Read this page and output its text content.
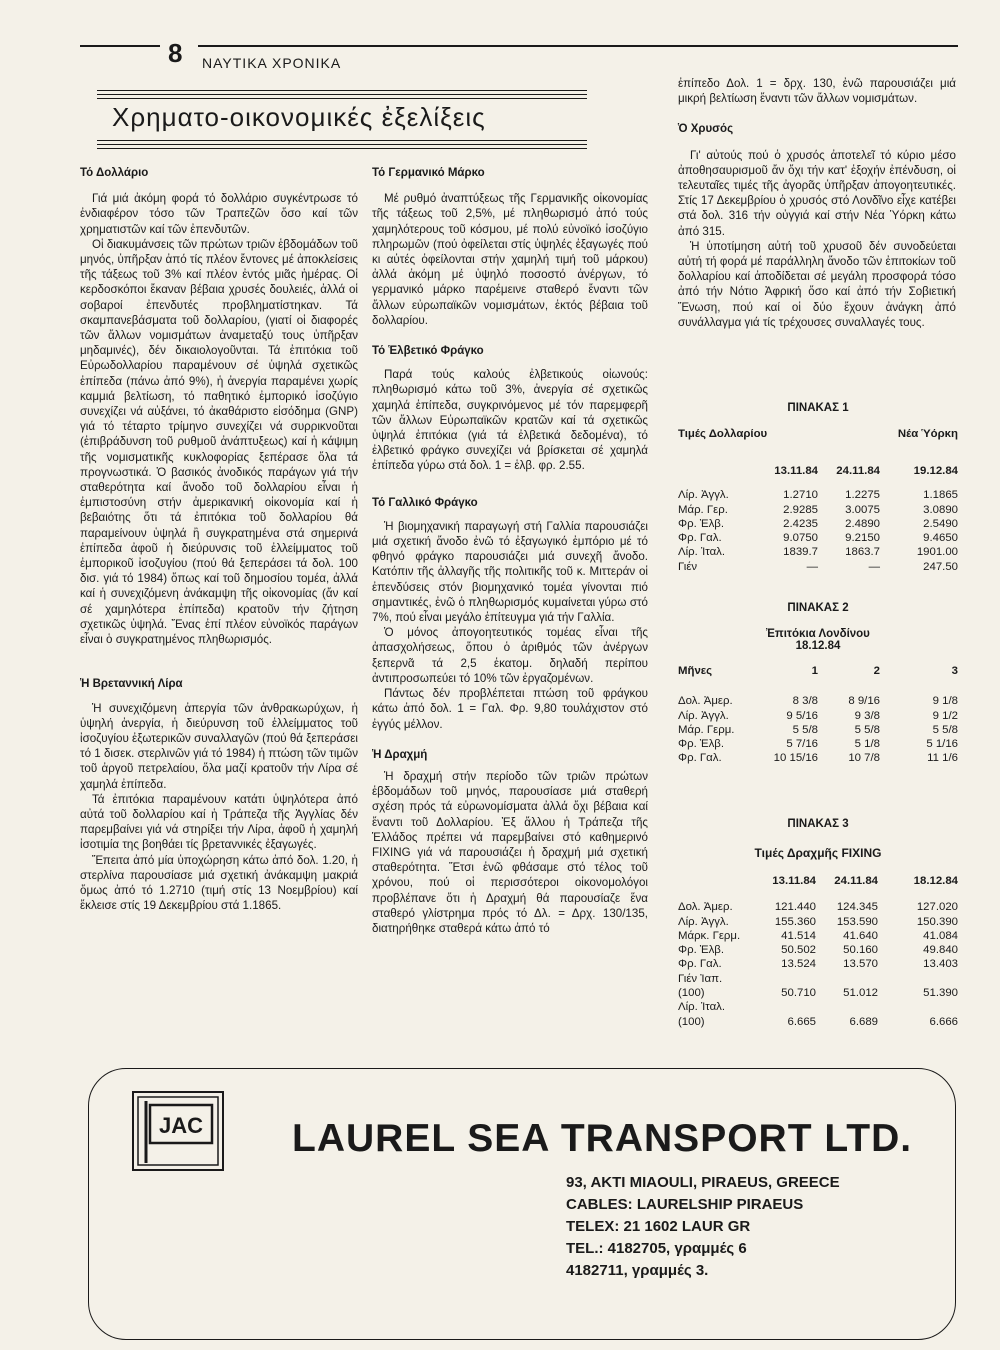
8 ΝΑΥΤΙΚΑ ΧΡΟΝΙΚΑ
Χρηματο-οικονομικές ἐξελίξεις
Τό Δολλάριο

Γιά μιά ἀκόμη φορά τό δολλάριο συγκέντρωσε τό ἐνδιαφέρον τόσο τῶν Τραπεζῶν ὅσο καί τῶν χρηματιστῶν καί τῶν ἐπενδυτῶν.

Οἱ διακυμάνσεις τῶν πρώτων τριῶν ἑβδομάδων τοῦ μηνός, ὑπῆρξαν ἀπό τίς πλέον ἔντονες μέ ἀποκλείσεις τῆς τάξεως τοῦ 3% καί πλέον ἐντός μιᾶς ἡμέρας. Οἱ κερδοσκόποι ἔκαναν βέβαια χρυσές δουλειές, ἀλλά οἱ σοβαροί ἐπενδυτές προβληματίστηκαν. Τά σκαμπανεβάσματα τοῦ δολλαρίου, (γιατί οἱ διαφορές τῶν ἄλλων νομισμάτων ἀναμεταξύ τους ὑπῆρξαν μηδαμινές), δέν δικαιολογοῦνται. Τά ἐπιτόκια τοῦ Εὐρωδολλαρίου παραμένουν σέ ὑψηλά σχετικῶς ἐπίπεδα (πάνω ἀπό 9%), ἡ ἀνεργία παραμένει χωρίς καμμιά βελτίωση, τό παθητικό ἐμπορικό ἰσοζύγιο συνεχίζει νά αὐξάνει, τό ἀκαθάριστο εἰσόδημα (GNP) γιά τό τέταρτο τρίμηνο συνεχίζει νά συρρικνοῦται (ἐπιβράδυνση τοῦ ρυθμοῦ ἀνάπτυξεως) καί ἡ κάψιμη τῆς νομισματικῆς κυκλοφορίας ξεπέρασε ὅλα τά προγνωστικά. Ὁ βασικός ἀνοδικός παράγων γιά τήν σταθερότητα καί ἄνοδο τοῦ δολλαρίου εἶναι ἡ ἐμπιστοσύνη στήν ἀμερικανική οἰκονομία καί ἡ βεβαιότης ὅτι τά ἐπιτόκια τοῦ δολλαρίου θά παραμείνουν ὑψηλά ἢ συγκρατημένα στά σημερινά ἐπίπεδα ἀφοῦ ἡ διεύρυνσις τοῦ ἐλλείμματος τοῦ ἐμπορικοῦ ἰσοζυγίου (πού θά ξεπεράσει τά δολ. 100 δισ. γιά τό 1984) ὅπως καί τοῦ δημοσίου τομέα, ἀλλά καί ἡ συνεχιζόμενη ἀνάκαμψη τῆς οἰκονομίας (ἄν καί σέ χαμηλότερα ἐπίπεδα) κρατοῦν τήν ζήτηση σχετικῶς ὑψηλά. Ἕνας ἐπί πλέον εὐνοϊκός παράγων εἶναι ὁ συγκρατημένος πληθωρισμός.

Ἡ Βρεταννική Λίρα

Ἡ συνεχιζόμενη ἀπεργία τῶν ἀνθρακωρύχων, ἡ ὑψηλή ἀνεργία, ἡ διεύρυνση τοῦ ἐλλείμματος τοῦ ἰσοζυγίου ἐξωτερικῶν συναλλαγῶν (πού θά ξεπεράσει τό 1 δισεκ. στερλινῶν γιά τό 1984) ἡ πτώση τῶν τιμῶν τοῦ ἀργοῦ πετρελαίου, ὅλα μαζί κρατοῦν τήν Λίρα σέ χαμηλά ἐπίπεδα.

Τά ἐπιτόκια παραμένουν κατάτι ὑψηλότερα ἀπό αὐτά τοῦ δολλαρίου καί ἡ Τράπεζα τῆς Ἀγγλίας δέν παρεμβαίνει γιά νά στηρίξει τήν Λίρα, ἀφοῦ ἡ χαμηλή ἰσοτιμία της βοηθάει τίς βρεταννικές ἐξαγωγές.

Ἔπειτα ἀπό μία ὑποχώρηση κάτω ἀπό δολ. 1.20, ἡ στερλίνα παρουσίασε μιά σχετική ἀνάκαμψη μακριά ὅμως ἀπό τό 1.2710 (τιμή στίς 13 Νοεμβρίου) καί ἔκλεισε στίς 19 Δεκεμβρίου στά 1.1865.

Τό Γερμανικό Μάρκο

Μέ ρυθμό ἀναπτύξεως τῆς Γερμανικῆς οἰκονομίας τῆς τάξεως τοῦ 2,5%, μέ πληθωρισμό ἀπό τούς χαμηλότερους τοῦ κόσμου, μέ πολύ εὐνοϊκό ἰσοζύγιο πληρωμῶν (πού ὀφείλεται στίς ὑψηλές ἐξαγωγές πού κι αὐτές ὀφείλονται στήν χαμηλή τιμή τοῦ μάρκου) ἀλλά ἀκόμη μέ ὑψηλό ποσοστό ἀνέργων, τό γερμανικό μάρκο παρέμεινε σταθερό ἔναντι τῶν ἄλλων εὐρωπαϊκῶν νομισμάτων, ἐκτός βέβαια τοῦ δολλαρίου.

Τό Ἑλβετικό Φράγκο

Παρά τούς καλούς ἐλβετικούς οἰωνούς: πληθωρισμό κάτω τοῦ 3%, ἀνεργία σέ σχετικῶς χαμηλά ἐπίπεδα, συγκρινόμενος μέ τόν παρεμφερῆ τῶν ἄλλων Εὐρωπαϊκῶν κρατῶν καί τά σχετικῶς ὑψηλά ἐπιτόκια (γιά τά ἐλβετικά δεδομένα), τό ἐλβετικό φράγκο συνεχίζει νά βρίσκεται σέ χαμηλά ἐπίπεδα γύρω στά δολ. 1 = ἑλβ. φρ. 2.55.

Τό Γαλλικό Φράγκο

Ἡ βιομηχανική παραγωγή στή Γαλλία παρουσιάζει μιά σχετική ἄνοδο ἐνῶ τό ἐξαγωγικό ἐμπόριο μέ τό φθηνό φράγκο παρουσιάζει μιά συνεχῆ ἄνοδο. Κατόπιν τῆς ἀλλαγῆς τῆς πολιτικῆς τοῦ κ. Μιττεράν οἱ ἐπενδύσεις στόν βιομηχανικό τομέα γίνονται πιό σημαντικές, ἐνῶ ὁ πληθωρισμός κυμαίνεται γύρω στό 7%, πού εἶναι μεγάλο ἐπίτευγμα γιά τήν Γαλλία.

Ὁ μόνος ἀπογοητευτικός τομέας εἶναι τῆς ἀπασχολήσεως, ὅπου ὁ ἀριθμός τῶν ἀνέργων ξεπερνᾶ τά 2,5 ἑκατομ. δηλαδή περίπου ἀντιπροσωπεύει τό 10% τῶν ἐργαζομένων.

Πάντως δέν προβλέπεται πτώση τοῦ φράγκου κάτω ἀπό δολ. 1 = Γαλ. Φρ. 9,80 τουλάχιστον στό ἐγγύς μέλλον.

Ἡ Δραχμή

Ἡ δραχμή στήν περίοδο τῶν τριῶν πρώτων ἑβδομάδων τοῦ μηνός, παρουσίασε μιά σταθερή σχέση πρός τά εὐρωνομίσματα ἀλλά ὄχι βέβαια καί ἔναντι τοῦ Δολλαρίου. Ἐξ ἄλλου ἡ Τράπεζα τῆς Ἑλλάδος πρέπει νά παρεμβαίνει στό καθημερινό FIXING γιά νά παρουσιάζει ἡ δραχμή μιά σχετική σταθερότητα. Ἔτσι ἐνῶ φθάσαμε στό τέλος τοῦ χρόνου, πού οἱ περισσότεροι οἰκονομολόγοι προβλέπανε ὅτι ἡ Δραχμή θά παρουσίαζε ἕνα σταθερό γλίστρημα πρός τό Δλ. = Δρχ. 130/135, διατηρήθηκε σταθερά κάτω ἀπό τό

ἐπίπεδο Δολ. 1 = δρχ. 130, ἐνῶ παρουσιάζει μιά μικρή βελτίωση ἔναντι τῶν ἄλλων νομισμάτων.

Ὁ Χρυσός

Γι' αὐτούς πού ὁ χρυσός ἀποτελεῖ τό κύριο μέσο ἀποθησαυρισμοῦ ἄν ὄχι τήν κατ' ἐξοχήν ἐπένδυση, οἱ τελευταῖες τιμές τῆς ἀγορᾶς ὑπῆρξαν ἀπογοητευτικές. Στίς 17 Δεκεμβρίου ὁ χρυσός στό Λονδῖνο εἶχε κατέβει στά δολ. 316 τήν οὐγγιά καί στήν Νέα Ὑόρκη κάτω ἀπό 315.

Ἡ ὑποτίμηση αὐτή τοῦ χρυσοῦ δέν συνοδεύεται αὐτή τή φορά μέ παράλληλη ἄνοδο τῶν ἐπιτοκίων τοῦ δολλαρίου καί ἀποδίδεται σέ μεγάλη προσφορά τόσο ἀπό τήν Νότιο Ἀφρική ὅσο καί ἀπό τήν Σοβιετική Ἕνωση, πού καί οἱ δύο ἔχουν ἀνάγκη ἀπό συνάλλαγμα γιά τίς τρέχουσες συναλλαγές τους.

ΠΙΝΑΚΑΣ 1
Τιμές Δολλαρίου	Νέα Ὑόρκη
	13.11.84	24.11.84	19.12.84

Λίρ. Ἀγγλ.	1.2710	1.2275	1.1865
Μάρ. Γερ.	2.9285	3.0075	3.0890
Φρ. Ἑλβ.	2.4235	2.4890	2.5490
Φρ. Γαλ.	9.0750	9.2150	9.4650
Λίρ. Ἰταλ.	1839.7	1863.7	1901.00
Γιέν	—	—	247.50
ΠΙΝΑΚΑΣ 2
Ἐπιτόκια Λονδίνου
18.12.84
Μῆνες	1	2	3

Δολ. Ἀμερ.	8 3/8	8 9/16	9 1/8
Λίρ. Ἀγγλ.	9 5/16	9 3/8	9 1/2
Μάρ. Γερμ.	5 5/8	5 5/8	5 5/8
Φρ. Ἑλβ.	5 7/16	5 1/8	5 1/16
Φρ. Γαλ.	10 15/16	10 7/8	11 1/6
ΠΙΝΑΚΑΣ 3
Τιμές Δραχμῆς FIXING
	13.11.84	24.11.84	18.12.84

Δολ. Ἀμερ.	121.440	124.345	127.020
Λίρ. Ἀγγλ.	155.360	153.590	150.390
Μάρκ. Γερμ.	41.514	41.640	41.084
Φρ. Ἑλβ.	50.502	50.160	49.840
Φρ. Γαλ.	13.524	13.570	13.403
Γιέν Ἰαπ.			
(100)	50.710	51.012	51.390
Λίρ. Ἰταλ.			
(100)	6.665	6.689	6.666
JAC LAUREL SEA TRANSPORT LTD.
93, AKTI MIAOULI, PIRAEUS, GREECE
CABLES: LAURELSHIP PIRAEUS
TELEX: 21 1602 LAUR GR
TEL.: 4182705, γραμμές 6
4182711, γραμμές 3.
